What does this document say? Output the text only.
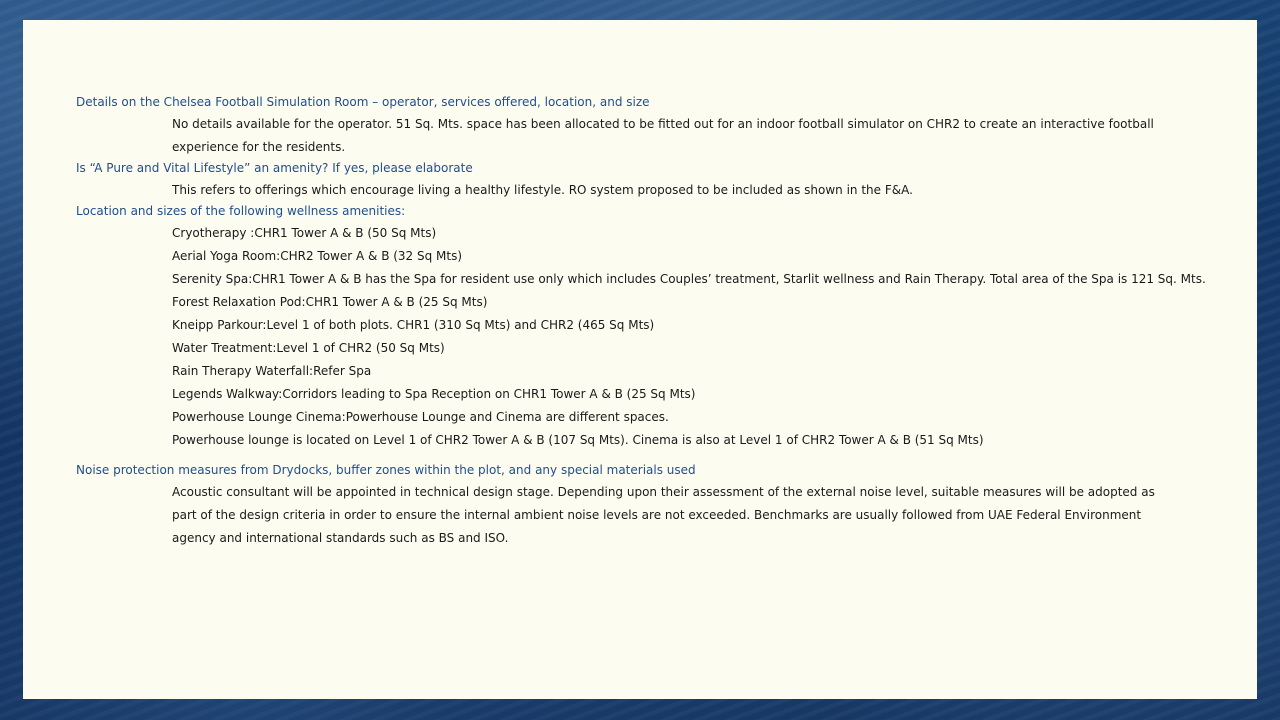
Details on the Chelsea Football Simulation Room – operator, services offered, location, and size

No details available for the operator. 51 Sq. Mts. space has been allocated to be fitted out for an indoor football simulator on CHR2 to create an interactive football experience for the residents.

Is “A Pure and Vital Lifestyle” an amenity? If yes, please elaborate

This refers to offerings which encourage living a healthy lifestyle. RO system proposed to be included as shown in the F&A.

Location and sizes of the following wellness amenities:

Cryotherapy :CHR1 Tower A & B (50 Sq Mts)

Aerial Yoga Room:CHR2 Tower A & B (32 Sq Mts)

Serenity Spa:CHR1 Tower A & B has the Spa for resident use only which includes Couples’ treatment, Starlit wellness and Rain Therapy. Total area of the Spa is 121 Sq. Mts.

Forest Relaxation Pod:CHR1 Tower A & B (25 Sq Mts)

Kneipp Parkour:Level 1 of both plots. CHR1 (310 Sq Mts) and CHR2 (465 Sq Mts)

Water Treatment:Level 1 of CHR2 (50 Sq Mts)

Rain Therapy Waterfall:Refer Spa

Legends Walkway:Corridors leading to Spa Reception on CHR1 Tower A & B (25 Sq Mts)

Powerhouse Lounge Cinema:Powerhouse Lounge and Cinema are different spaces.

Powerhouse lounge is located on Level 1 of CHR2 Tower A & B (107 Sq Mts). Cinema is also at Level 1 of CHR2 Tower A & B (51 Sq Mts)

Noise protection measures from Drydocks, buffer zones within the plot, and any special materials used

Acoustic consultant will be appointed in technical design stage. Depending upon their assessment of the external noise level, suitable measures will be adopted as part of the design criteria in order to ensure the internal ambient noise levels are not exceeded. Benchmarks are usually followed from UAE Federal Environment agency and international standards such as BS and ISO.
